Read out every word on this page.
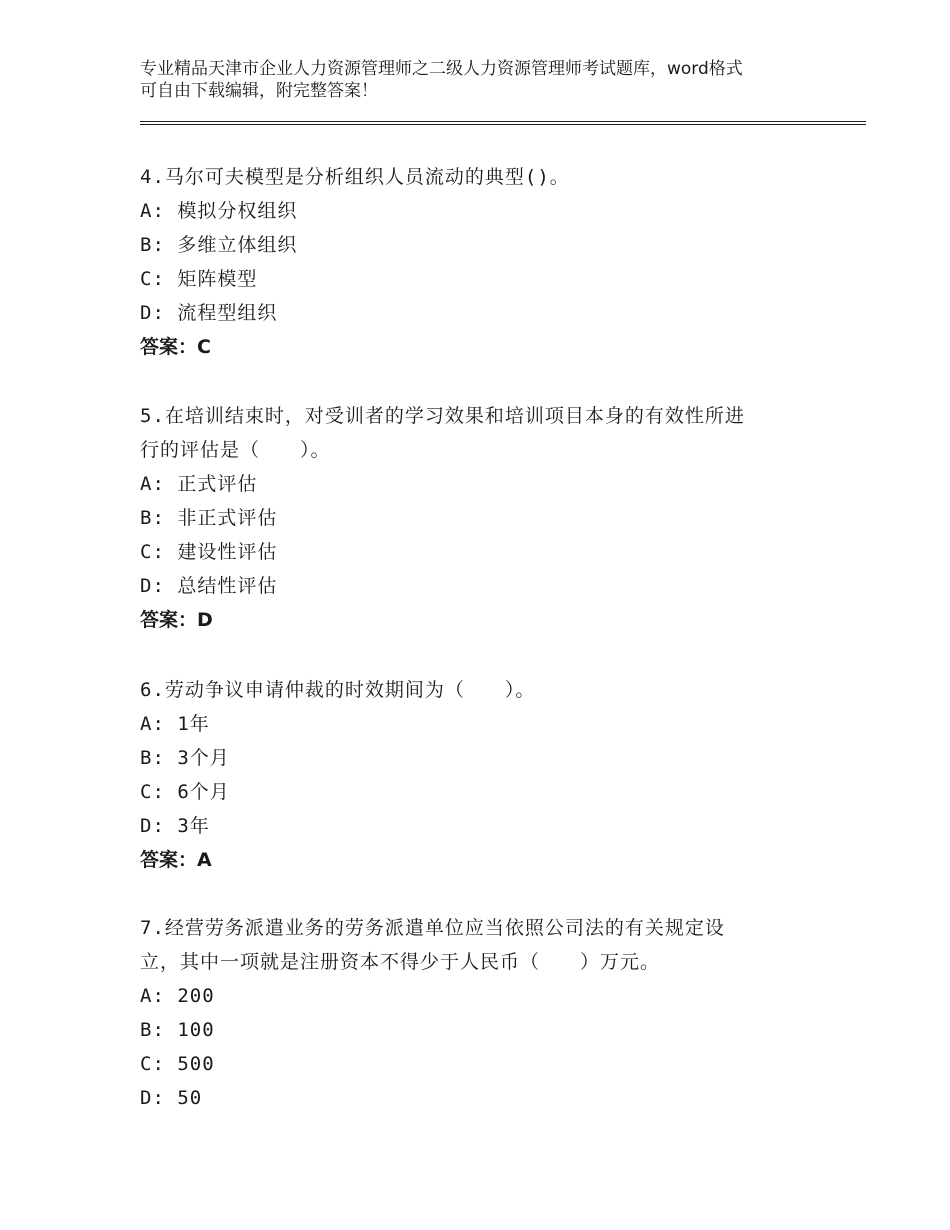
专业精品天津市企业人力资源管理师之二级人力资源管理师考试题库，word格式
可自由下载编辑，附完整答案！
4.马尔可夫模型是分析组织人员流动的典型()。
A: 模拟分权组织
B: 多维立体组织
C: 矩阵模型
D: 流程型组织
答案：C
5.在培训结束时，对受训者的学习效果和培训项目本身的有效性所进
行的评估是（　　）。
A: 正式评估
B: 非正式评估
C: 建设性评估
D: 总结性评估
答案：D
6.劳动争议申请仲裁的时效期间为（　　）。
A: 1年
B: 3个月
C: 6个月
D: 3年
答案：A
7.经营劳务派遣业务的劳务派遣单位应当依照公司法的有关规定设
立，其中一项就是注册资本不得少于人民币（　　）万元。
A: 200
B: 100
C: 500
D: 50
